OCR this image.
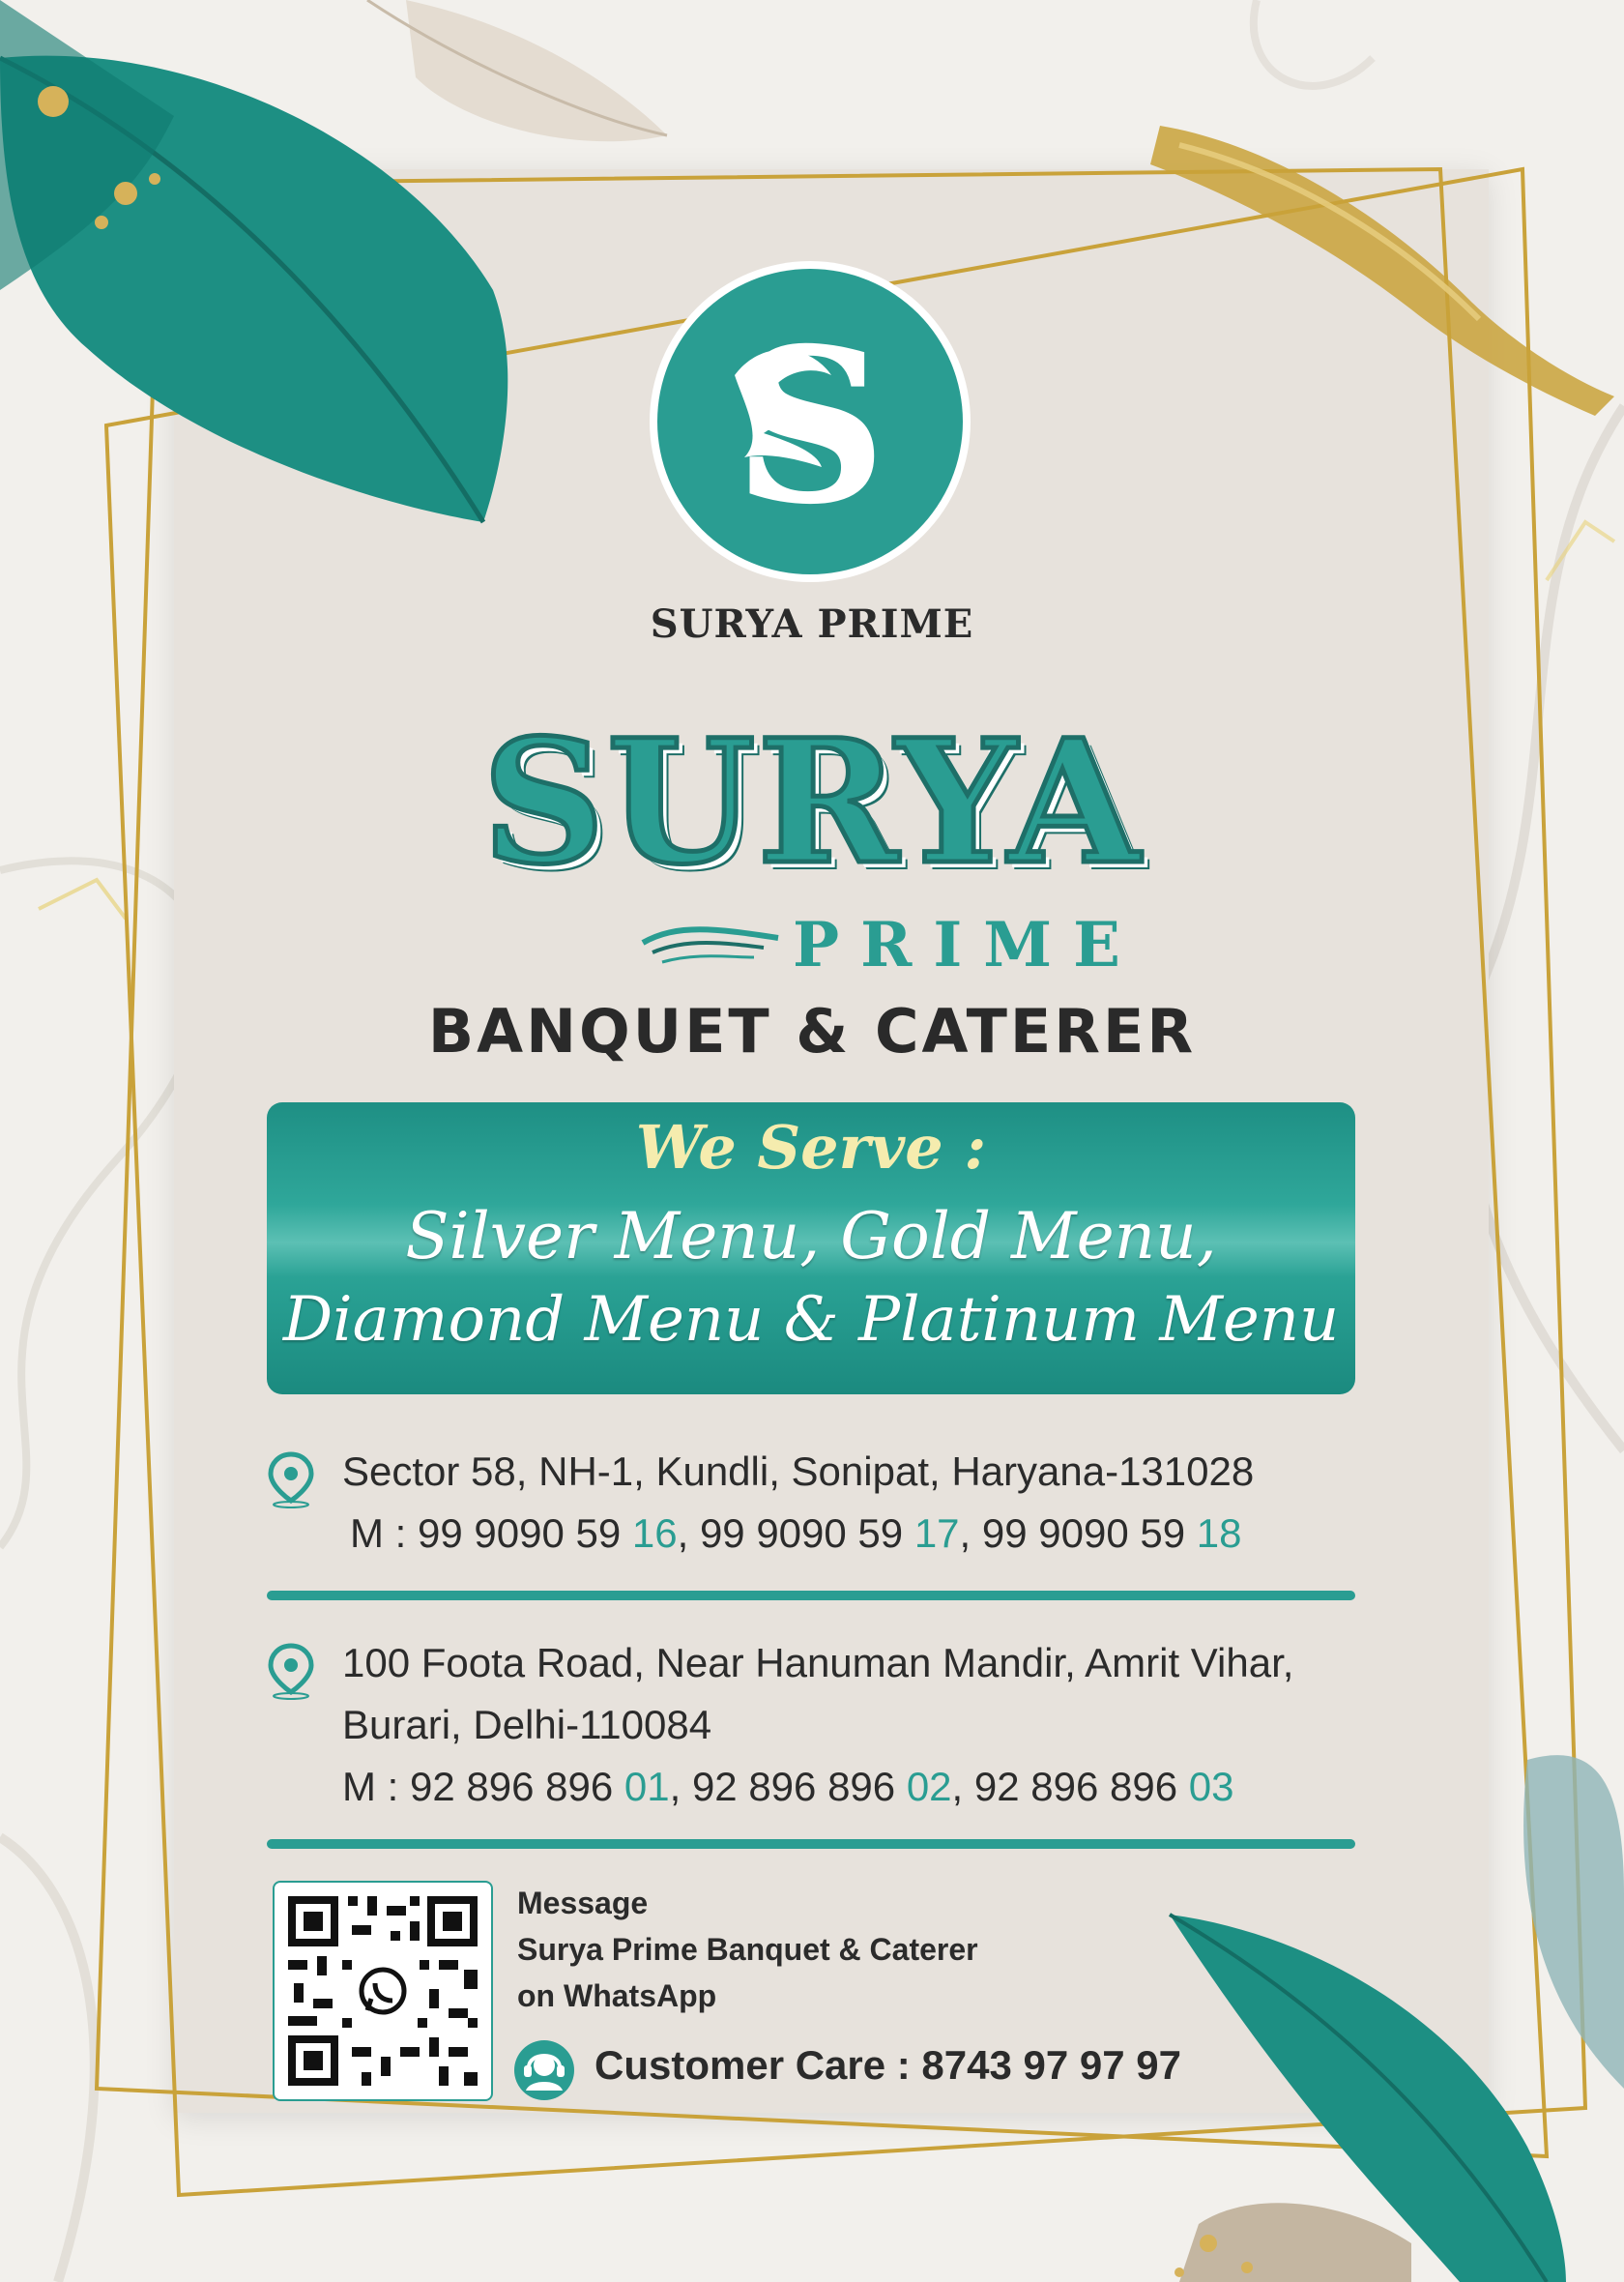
S
SURYA PRIME
SURYA
PRIME
BANQUET & CATERER
We Serve :
Silver Menu, Gold Menu,
Diamond Menu & Platinum Menu
Sector 58, NH-1, Kundli, Sonipat, Haryana-131028
M : 99 9090 59 16, 99 9090 59 17, 99 9090 59 18
100 Foota Road, Near Hanuman Mandir, Amrit Vihar,
Burari, Delhi-110084
M : 92 896 896 01, 92 896 896 02, 92 896 896 03
Message
Surya Prime Banquet & Caterer
on WhatsApp
Customer Care : 8743 97 97 97
